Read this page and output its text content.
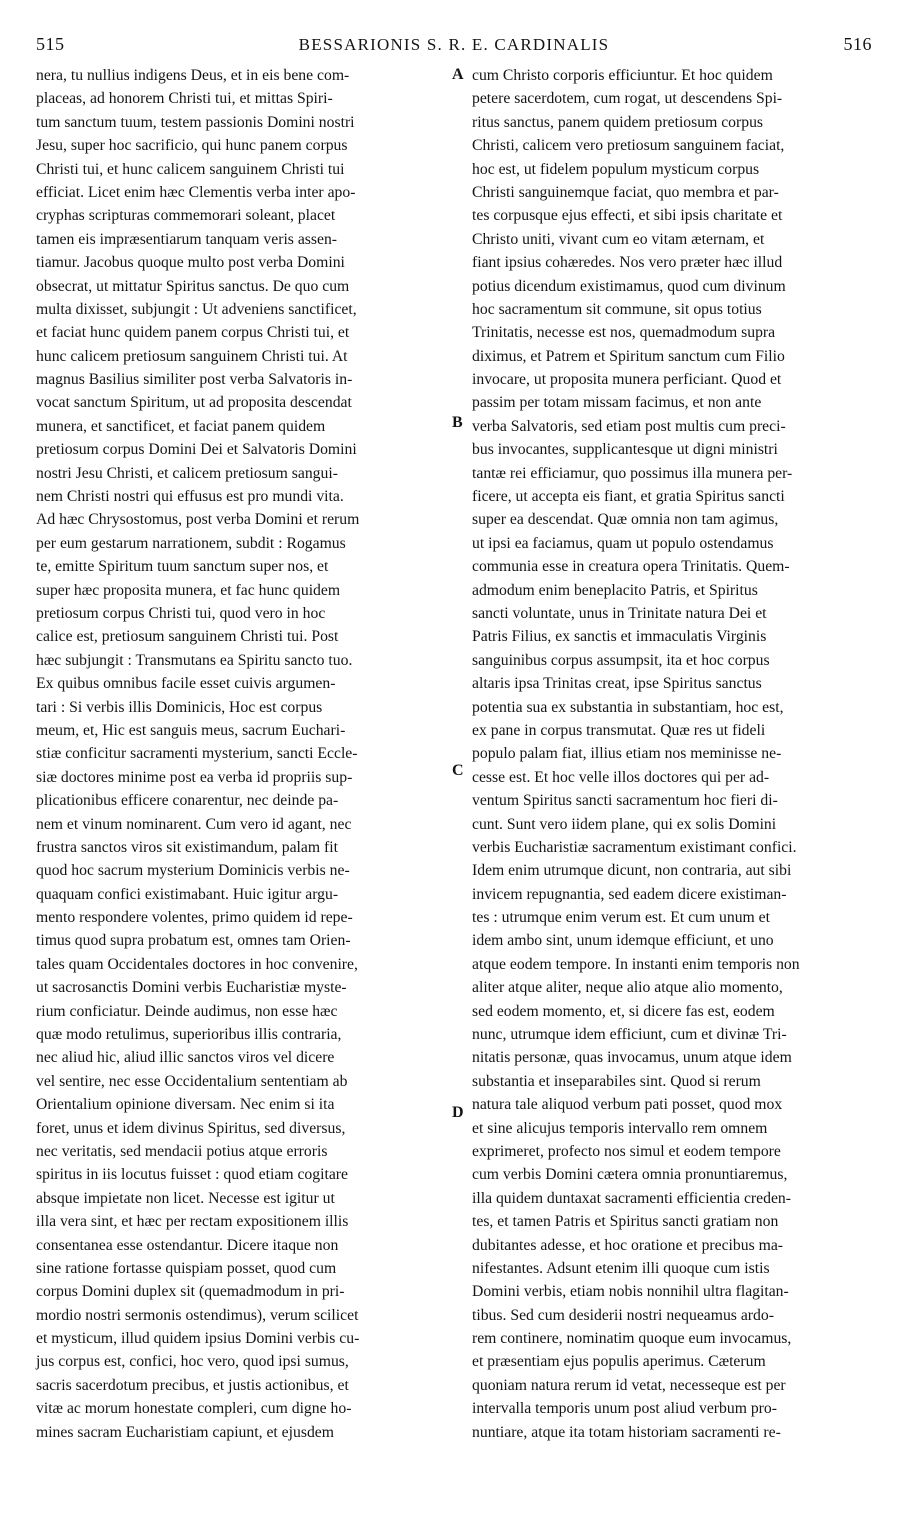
515	BESSARIONIS S. R. E. CARDINALIS	516
nera, tu nullius indigens Deus, et in eis bene com-
placeas, ad honorem Christi tui, et mittas Spiri-
tum sanctum tuum, testem passionis Domini nostri
Jesu, super hoc sacrificio, qui hunc panem corpus
Christi tui, et hunc calicem sanguinem Christi tui
efficiat. Licet enim hæc Clementis verba inter apo-
cryphas scripturas commemorari soleant, placet
tamen eis impræsentiarum tanquam veris assen-
tiamur. Jacobus quoque multo post verba Domini
obsecrat, ut mittatur Spiritus sanctus. De quo cum
multa dixisset, subjungit : Ut adveniens sanctificet,
et faciat hunc quidem panem corpus Christi tui, et
hunc calicem pretiosum sanguinem Christi tui. At
magnus Basilius similiter post verba Salvatoris in-
vocat sanctum Spiritum, ut ad proposita descendat
munera, et sanctificet, et faciat panem quidem
pretiosum corpus Domini Dei et Salvatoris Domini
nostri Jesu Christi, et calicem pretiosum sangui-
nem Christi nostri qui effusus est pro mundi vita.
Ad hæc Chrysostomus, post verba Domini et rerum
per eum gestarum narrationem, subdit : Rogamus
te, emitte Spiritum tuum sanctum super nos, et
super hæc proposita munera, et fac hunc quidem
pretiosum corpus Christi tui, quod vero in hoc
calice est, pretiosum sanguinem Christi tui. Post
hæc subjungit : Transmutans ea Spiritu sancto tuo.
Ex quibus omnibus facile esset cuivis argumen-
tari : Si verbis illis Dominicis, Hoc est corpus
meum, et, Hic est sanguis meus, sacrum Euchari-
stiæ conficitur sacramenti mysterium, sancti Eccle-
siæ doctores minime post ea verba id propriis sup-
plicationibus efficere conarentur, nec deinde pa-
nem et vinum nominarent. Cum vero id agant, nec
frustra sanctos viros sit existimandum, palam fit
quod hoc sacrum mysterium Dominicis verbis ne-
quaquam confici existimabant. Huic igitur argu-
mento respondere volentes, primo quidem id repe-
timus quod supra probatum est, omnes tam Orien-
tales quam Occidentales doctores in hoc convenire,
ut sacrosanctis Domini verbis Eucharistiæ myste-
rium conficiatur. Deinde audimus, non esse hæc
quæ modo retulimus, superioribus illis contraria,
nec aliud hic, aliud illic sanctos viros vel dicere
vel sentire, nec esse Occidentalium sententiam ab
Orientalium opinione diversam. Nec enim si ita
foret, unus et idem divinus Spiritus, sed diversus,
nec veritatis, sed mendacii potius atque erroris
spiritus in iis locutus fuisset : quod etiam cogitare
absque impietate non licet. Necesse est igitur ut
illa vera sint, et hæc per rectam expositionem illis
consentanea esse ostendantur. Dicere itaque non
sine ratione fortasse quispiam posset, quod cum
corpus Domini duplex sit (quemadmodum in pri-
mordio nostri sermonis ostendimus), verum scilicet
et mysticum, illud quidem ipsius Domini verbis cu-
jus corpus est, confici, hoc vero, quod ipsi sumus,
sacris sacerdotum precibus, et justis actionibus, et
vitæ ac morum honestate compleri, cum digne ho-
mines sacram Eucharistiam capiunt, et ejusdem
cum Christo corporis efficiuntur. Et hoc quidem
petere sacerdotem, cum rogat, ut descendens Spi-
ritus sanctus, panem quidem pretiosum corpus
Christi, calicem vero pretiosum sanguinem faciat,
hoc est, ut fidelem populum mysticum corpus
Christi sanguinemque faciat, quo membra et par-
tes corpusque ejus effecti, et sibi ipsis charitate et
Christo uniti, vivant cum eo vitam æternam, et
fiant ipsius cohæredes. Nos vero præter hæc illud
potius dicendum existimamus, quod cum divinum
hoc sacramentum sit commune, sit opus totius
Trinitatis, necesse est nos, quemadmodum supra
diximus, et Patrem et Spiritum sanctum cum Filio
invocare, ut proposita munera perficiant. Quod et
passim per totam missam facimus, et non ante
verba Salvatoris, sed etiam post multis cum preci-
bus invocantes, supplicantesque ut digni ministri
tantæ rei efficiamur, quo possimus illa munera per-
ficere, ut accepta eis fiant, et gratia Spiritus sancti
super ea descendat. Quæ omnia non tam agimus,
ut ipsi ea faciamus, quam ut populo ostendamus
communia esse in creatura opera Trinitatis. Quem-
admodum enim beneplacito Patris, et Spiritus
sancti voluntate, unus in Trinitate natura Dei et
Patris Filius, ex sanctis et immaculatis Virginis
sanguinibus corpus assumpsit, ita et hoc corpus
altaris ipsa Trinitas creat, ipse Spiritus sanctus
potentia sua ex substantia in substantiam, hoc est,
ex pane in corpus transmutat. Quæ res ut fideli
populo palam fiat, illius etiam nos meminisse ne-
cesse est. Et hoc velle illos doctores qui per ad-
ventum Spiritus sancti sacramentum hoc fieri di-
cunt. Sunt vero iidem plane, qui ex solis Domini
verbis Eucharistiæ sacramentum existimant confici.
Idem enim utrumque dicunt, non contraria, aut sibi
invicem repugnantia, sed eadem dicere existiman-
tes : utrumque enim verum est. Et cum unum et
idem ambo sint, unum idemque efficiunt, et uno
atque eodem tempore. In instanti enim temporis non
aliter atque aliter, neque alio atque alio momento,
sed eodem momento, et, si dicere fas est, eodem
nunc, utrumque idem efficiunt, cum et divinæ Tri-
nitatis personæ, quas invocamus, unum atque idem
substantia et inseparabiles sint. Quod si rerum
natura tale aliquod verbum pati posset, quod mox
et sine alicujus temporis intervallo rem omnem
exprimeret, profecto nos simul et eodem tempore
cum verbis Domini cætera omnia pronuntiaremus,
illa quidem duntaxat sacramenti efficientia creden-
tes, et tamen Patris et Spiritus sancti gratiam non
dubitantes adesse, et hoc oratione et precibus ma-
nifestantes. Adsunt etenim illi quoque cum istis
Domini verbis, etiam nobis nonnihil ultra flagitan-
tibus. Sed cum desiderii nostri nequeamus ardo-
rem continere, nominatim quoque eum invocamus,
et præsentiam ejus populis aperimus. Cæterum
quoniam natura rerum id vetat, necesseque est per
intervalla temporis unum post aliud verbum pro-
nuntiare, atque ita totam historiam sacramenti re-
A
B
C
D
